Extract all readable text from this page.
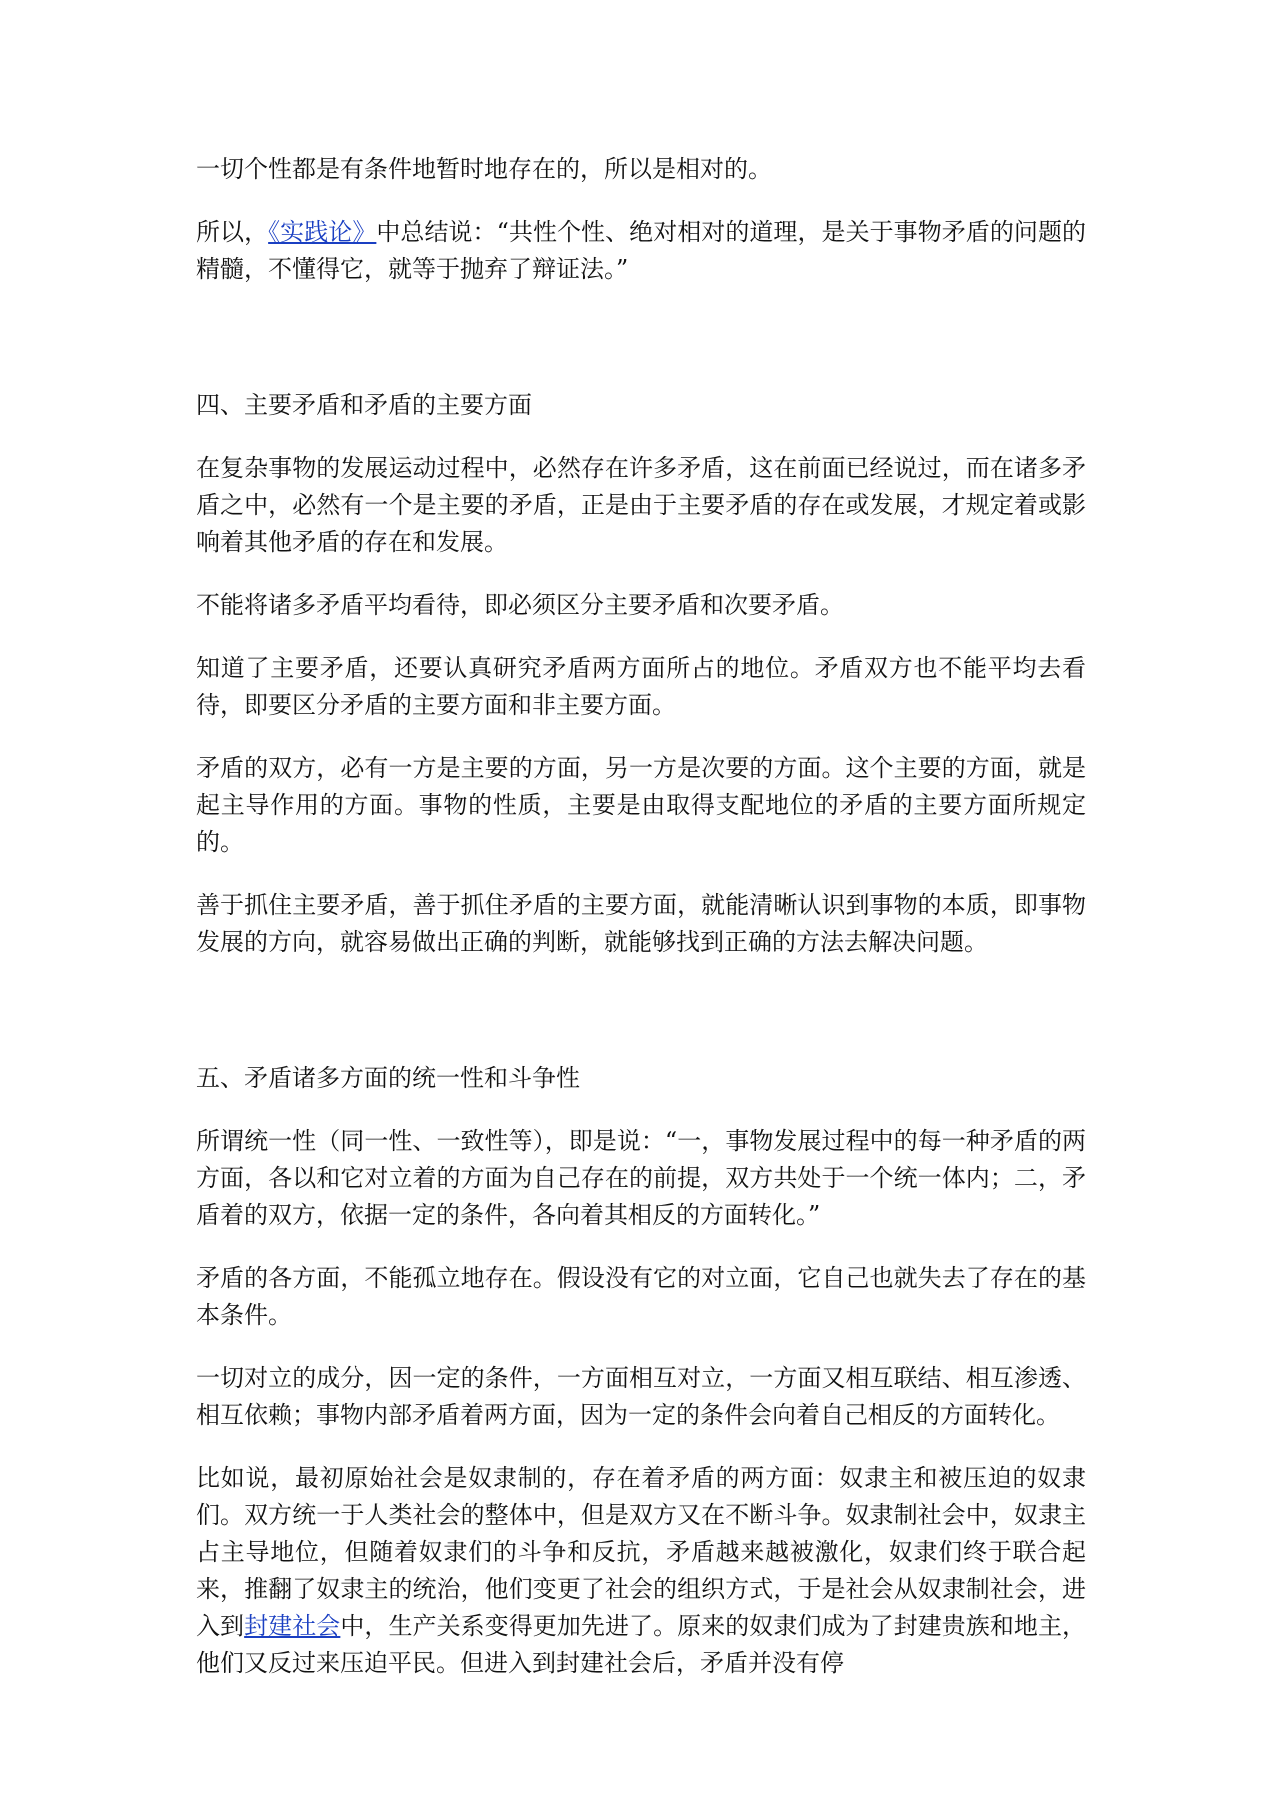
一切个性都是有条件地暂时地存在的，所以是相对的。

所以，《实践论》中总结说：“共性个性、绝对相对的道理，是关于事物矛盾的问题的精髓，不懂得它，就等于抛弃了辩证法。”

四、主要矛盾和矛盾的主要方面

在复杂事物的发展运动过程中，必然存在许多矛盾，这在前面已经说过，而在诸多矛盾之中，必然有一个是主要的矛盾，正是由于主要矛盾的存在或发展，才规定着或影响着其他矛盾的存在和发展。

不能将诸多矛盾平均看待，即必须区分主要矛盾和次要矛盾。

知道了主要矛盾，还要认真研究矛盾两方面所占的地位。矛盾双方也不能平均去看待，即要区分矛盾的主要方面和非主要方面。

矛盾的双方，必有一方是主要的方面，另一方是次要的方面。这个主要的方面，就是起主导作用的方面。事物的性质，主要是由取得支配地位的矛盾的主要方面所规定的。

善于抓住主要矛盾，善于抓住矛盾的主要方面，就能清晰认识到事物的本质，即事物发展的方向，就容易做出正确的判断，就能够找到正确的方法去解决问题。

五、矛盾诸多方面的统一性和斗争性

所谓统一性（同一性、一致性等），即是说：“一，事物发展过程中的每一种矛盾的两方面，各以和它对立着的方面为自己存在的前提，双方共处于一个统一体内；二，矛盾着的双方，依据一定的条件，各向着其相反的方面转化。”

矛盾的各方面，不能孤立地存在。假设没有它的对立面，它自己也就失去了存在的基本条件。

一切对立的成分，因一定的条件，一方面相互对立，一方面又相互联结、相互渗透、相互依赖；事物内部矛盾着两方面，因为一定的条件会向着自己相反的方面转化。

比如说，最初原始社会是奴隶制的，存在着矛盾的两方面：奴隶主和被压迫的奴隶们。双方统一于人类社会的整体中，但是双方又在不断斗争。奴隶制社会中，奴隶主占主导地位，但随着奴隶们的斗争和反抗，矛盾越来越被激化，奴隶们终于联合起来，推翻了奴隶主的统治，他们变更了社会的组织方式，于是社会从奴隶制社会，进入到封建社会中，生产关系变得更加先进了。原来的奴隶们成为了封建贵族和地主，他们又反过来压迫平民。但进入到封建社会后，矛盾并没有停
